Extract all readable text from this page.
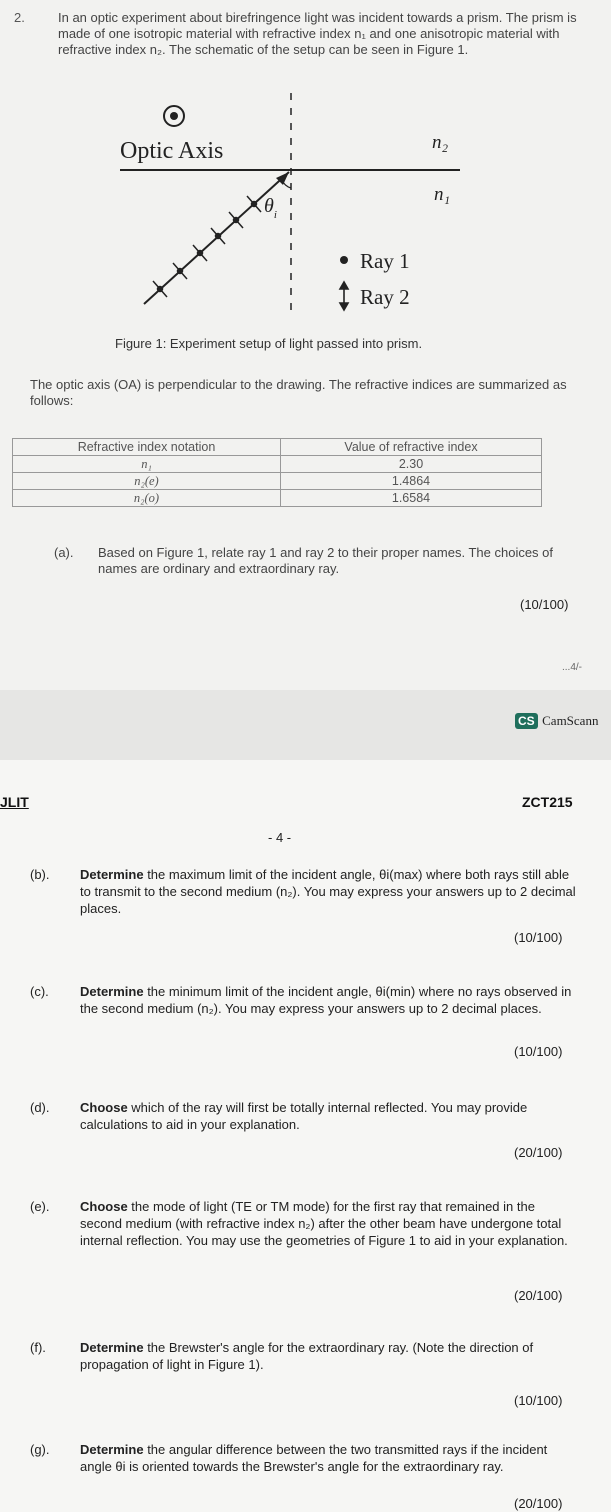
2.	In an optic experiment about birefringence light was incident towards a prism. The prism is made of one isotropic material with refractive index n₁ and one anisotropic material with refractive index n₂. The schematic of the setup can be seen in Figure 1.
Optic Axis	n₂
n₁
$\theta_i$
Ray 1
Ray 2
Figure 1: Experiment setup of light passed into prism.
The optic axis (OA) is perpendicular to the drawing. The refractive indices are summarized as follows:
Refractive index notation	Value of refractive index
n₁	2.30
n₂(e)	1.4864
n₂(o)	1.6584
(a). Based on Figure 1, relate ray 1 and ray 2 to their proper names. The choices of names are ordinary and extraordinary ray.
(10/100)
...4/-
CS CamScann
JLIT	ZCT215
- 4 -
(b). Determine the maximum limit of the incident angle, θi(max) where both rays still able to transmit to the second medium (n₂). You may express your answers up to 2 decimal places.
(10/100)
(c). Determine the minimum limit of the incident angle, θi(min) where no rays observed in the second medium (n₂). You may express your answers up to 2 decimal places.
(10/100)
(d). Choose which of the ray will first be totally internal reflected. You may provide calculations to aid in your explanation.
(20/100)
(e). Choose the mode of light (TE or TM mode) for the first ray that remained in the second medium (with refractive index n₂) after the other beam have undergone total internal reflection. You may use the geometries of Figure 1 to aid in your explanation.
(20/100)
(f).	Determine the Brewster's angle for the extraordinary ray. (Note the direction of propagation of light in Figure 1).
(10/100)
(g). Determine the angular difference between the two transmitted rays if the incident angle θi is oriented towards the Brewster's angle for the extraordinary ray.
(20/100)
